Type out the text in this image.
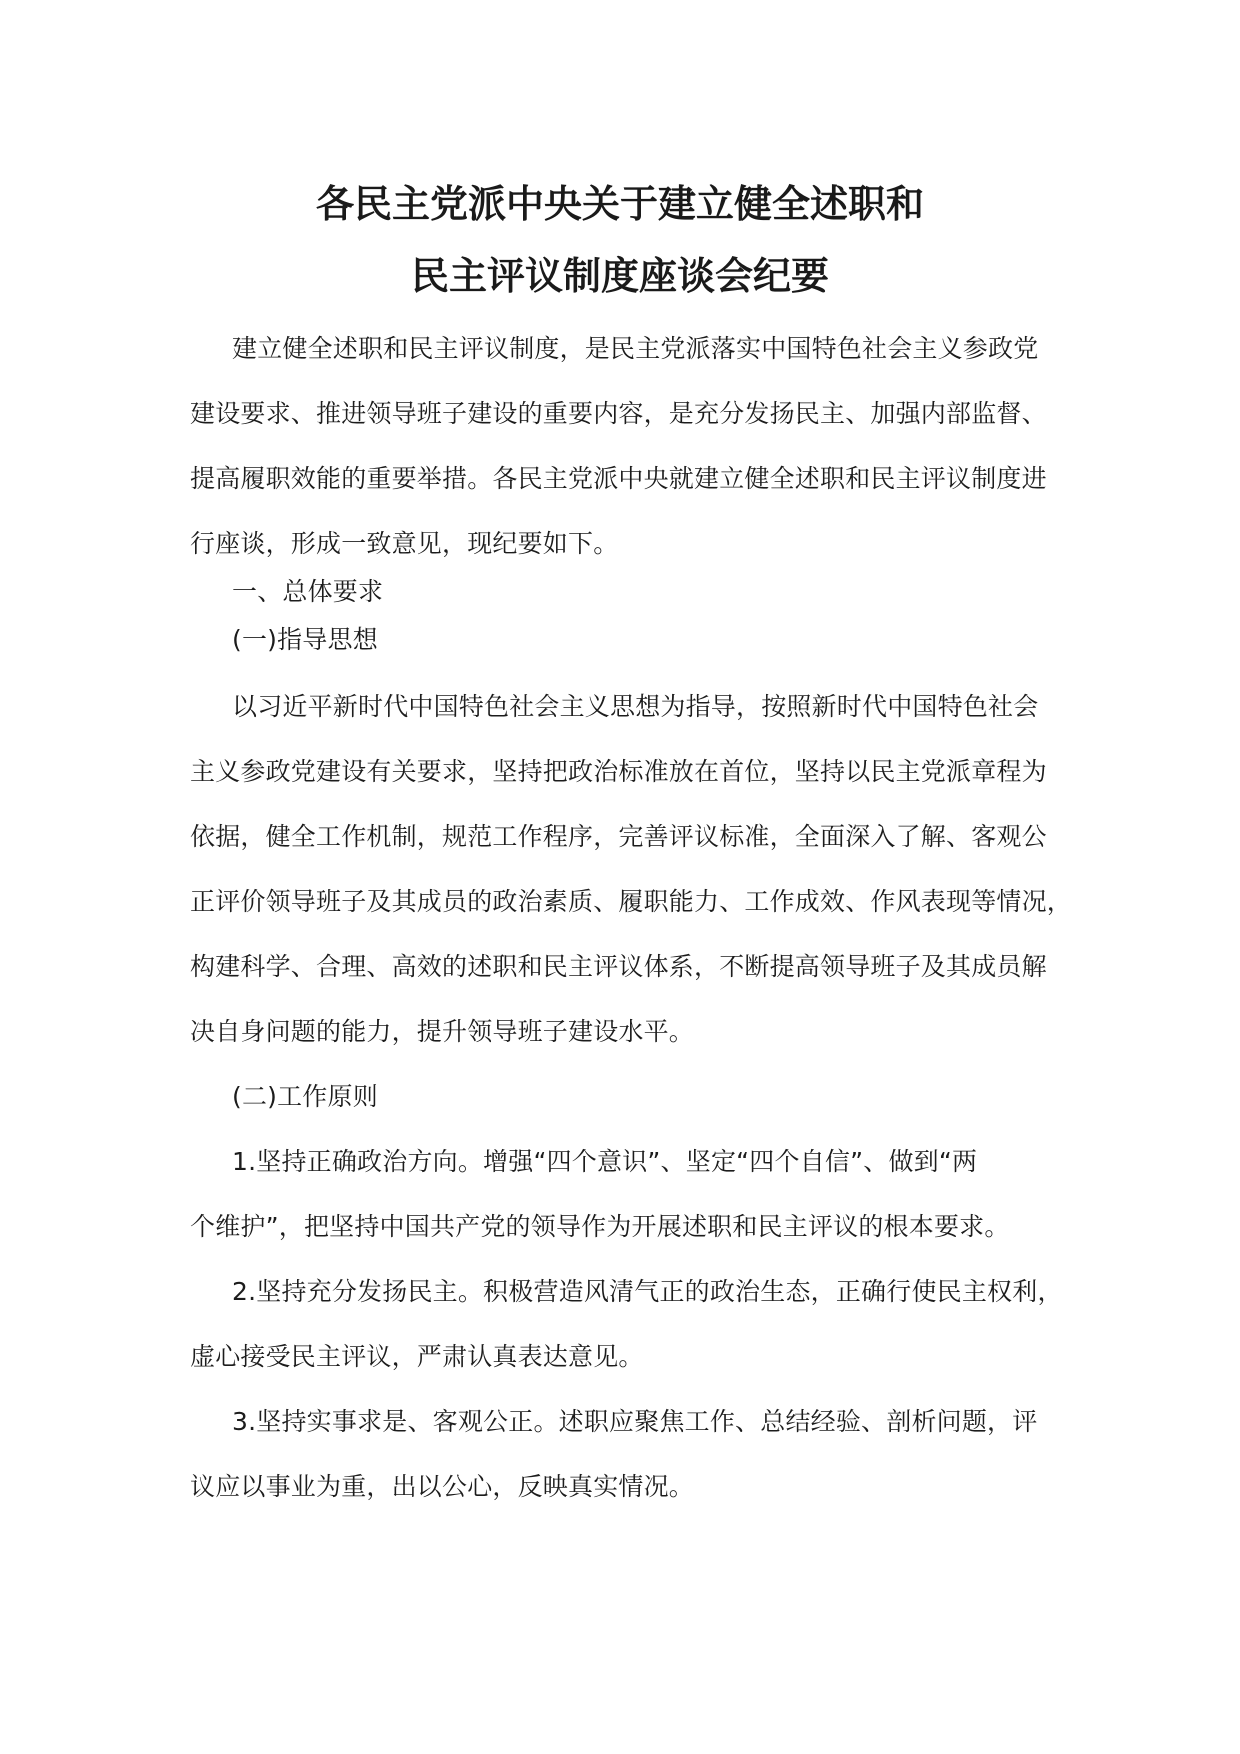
各民主党派中央关于建立健全述职和
民主评议制度座谈会纪要
建立健全述职和民主评议制度，是民主党派落实中国特色社会主义参政党
建设要求、推进领导班子建设的重要内容，是充分发扬民主、加强内部监督、
提高履职效能的重要举措。各民主党派中央就建立健全述职和民主评议制度进
行座谈，形成一致意见，现纪要如下。
一、总体要求
(一)指导思想
以习近平新时代中国特色社会主义思想为指导，按照新时代中国特色社会
主义参政党建设有关要求，坚持把政治标准放在首位，坚持以民主党派章程为
依据，健全工作机制，规范工作程序，完善评议标准，全面深入了解、客观公
正评价领导班子及其成员的政治素质、履职能力、工作成效、作风表现等情况，
构建科学、合理、高效的述职和民主评议体系，不断提高领导班子及其成员解
决自身问题的能力，提升领导班子建设水平。
(二)工作原则
1.坚持正确政治方向。增强“四个意识”、坚定“四个自信”、做到“两
个维护”，把坚持中国共产党的领导作为开展述职和民主评议的根本要求。
2.坚持充分发扬民主。积极营造风清气正的政治生态，正确行使民主权利，
虚心接受民主评议，严肃认真表达意见。
3.坚持实事求是、客观公正。述职应聚焦工作、总结经验、剖析问题，评
议应以事业为重，出以公心，反映真实情况。
